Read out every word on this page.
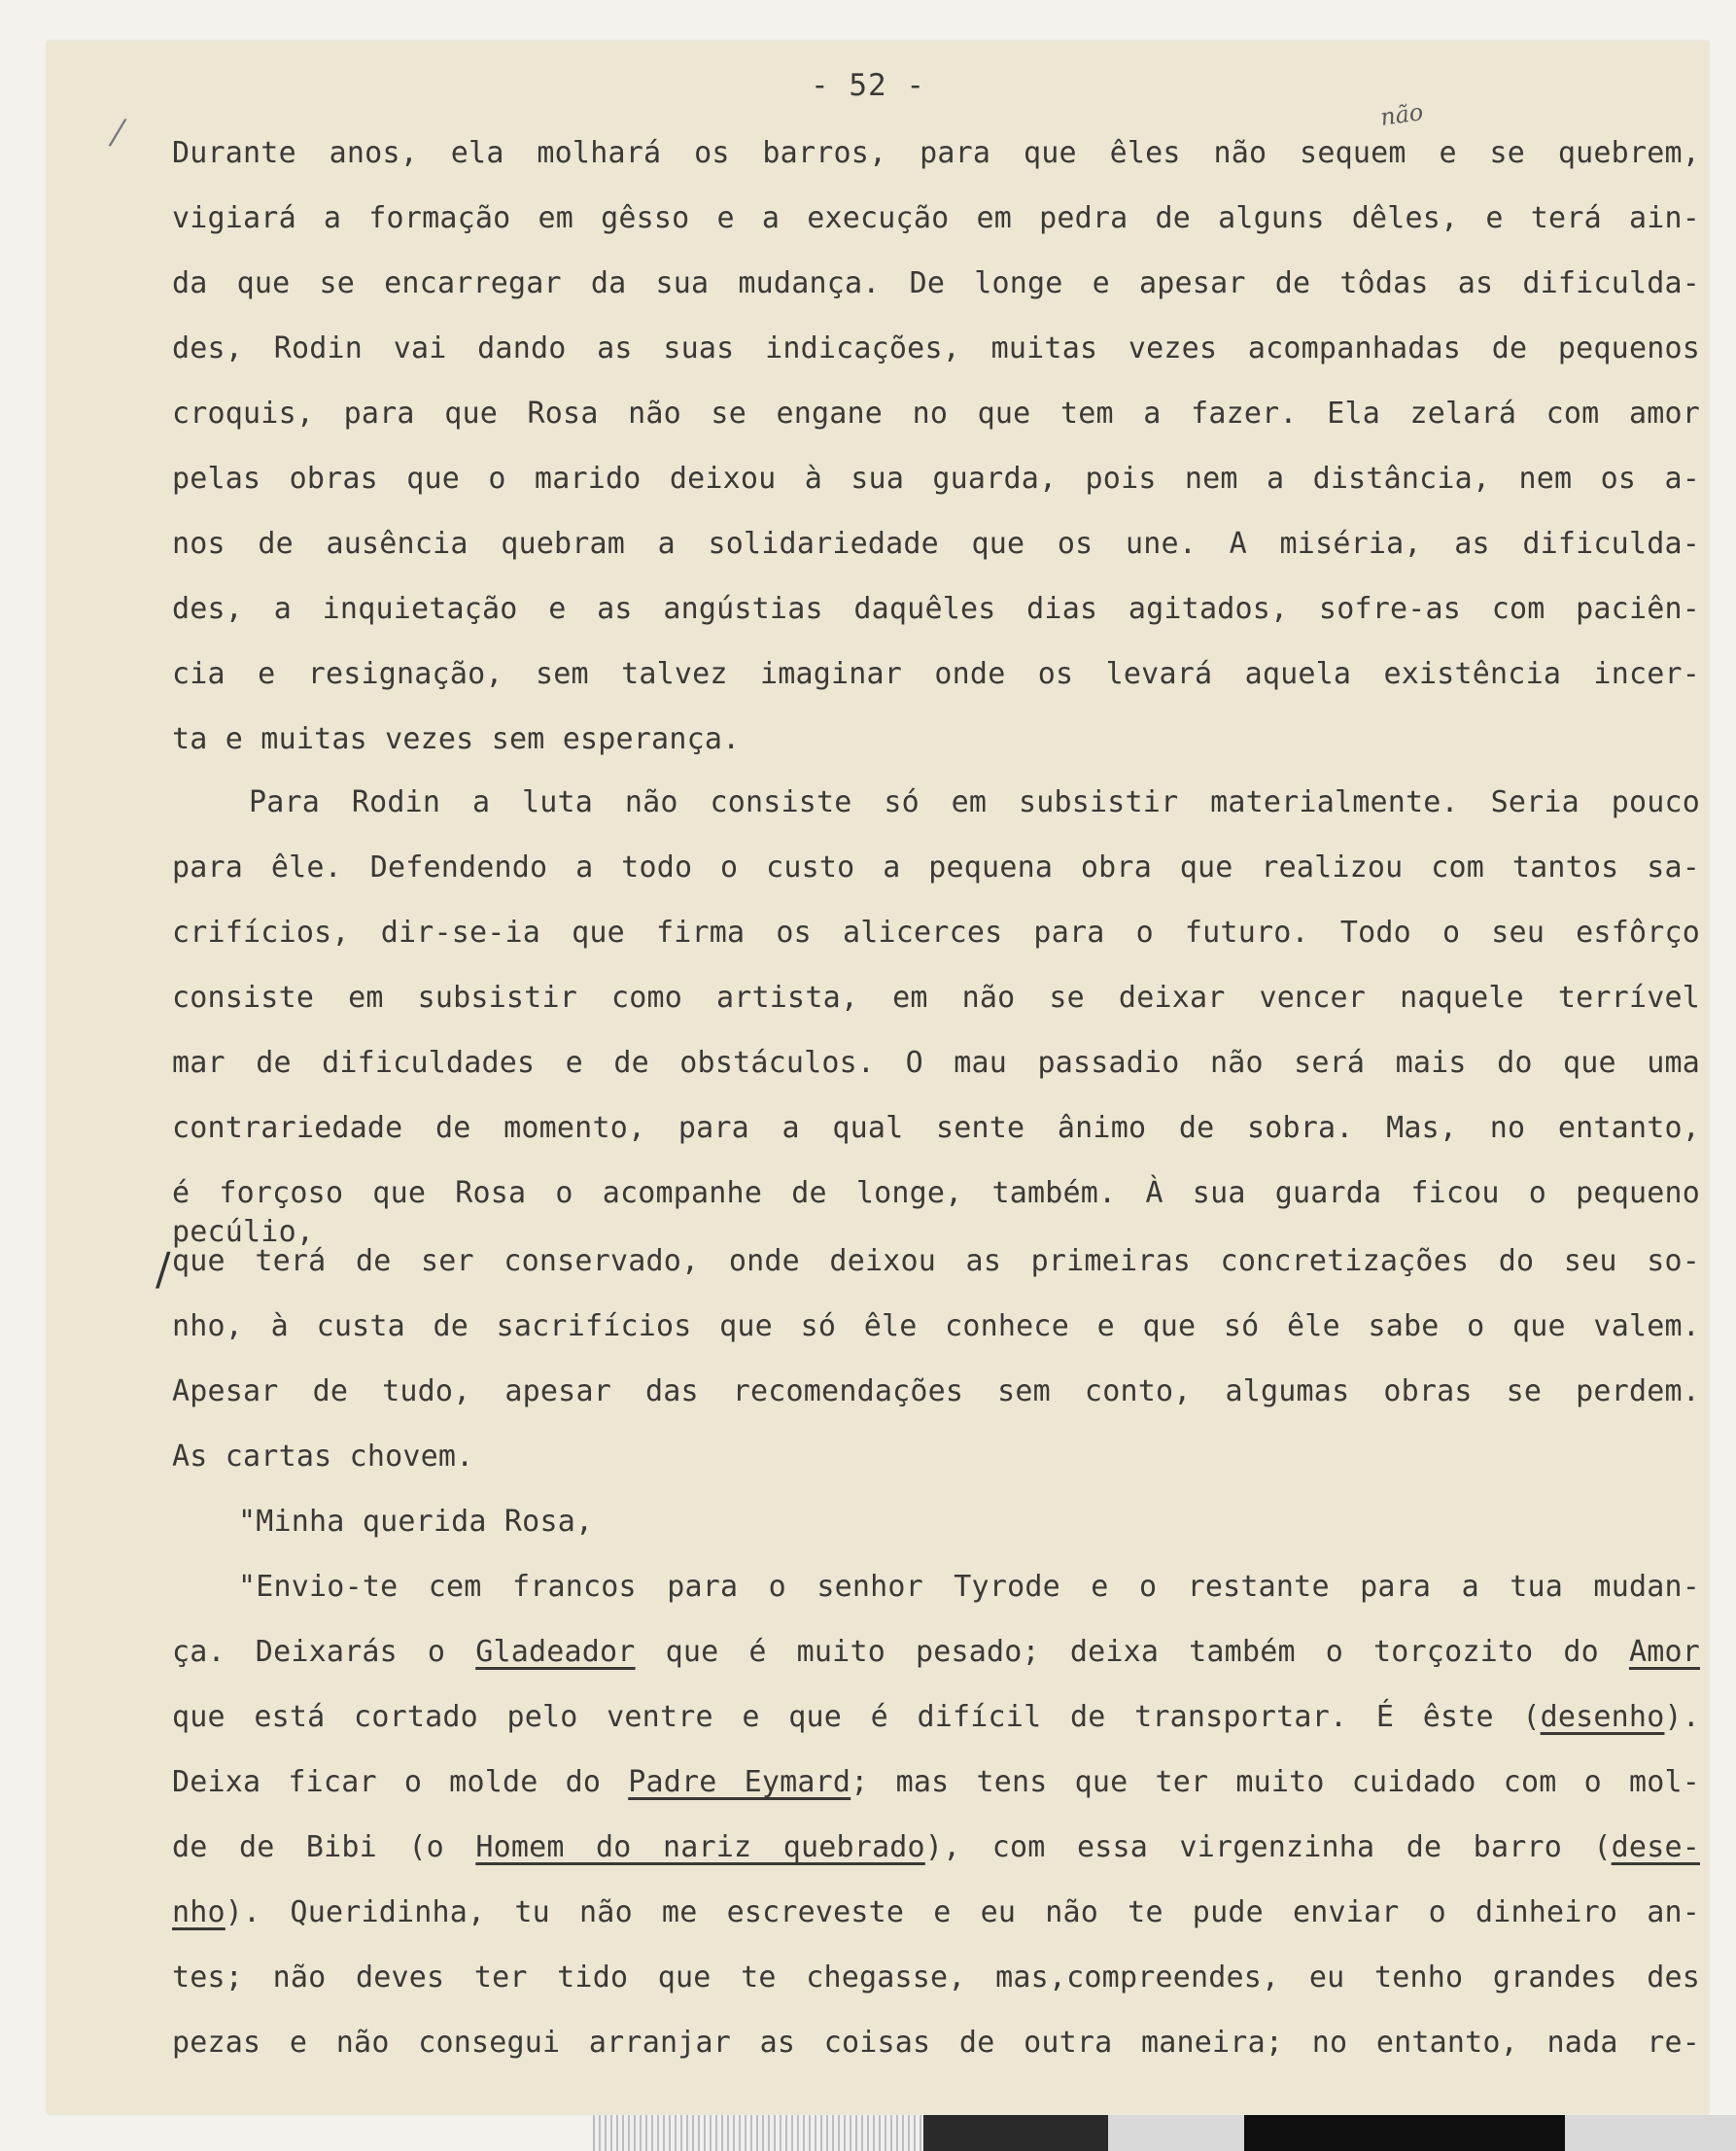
- 52 -
não
⁄
/
Durante anos, ela molhará os barros, para que êles não sequem e se quebrem,
vigiará a formação em gêsso e a execução em pedra de alguns dêles, e terá ain-
da que se encarregar da sua mudança. De longe e apesar de tôdas as dificulda-
des, Rodin vai dando as suas indicações, muitas vezes acompanhadas de pequenos
croquis, para que Rosa não se engane no que tem a fazer. Ela zelará com amor
pelas obras que o marido deixou à sua guarda, pois nem a distância, nem os a-
nos de ausência quebram a solidariedade que os une. A miséria, as dificulda-
des, a inquietação e as angústias daquêles dias agitados, sofre-as com paciên-
cia e resignação, sem talvez imaginar onde os levará aquela existência incer-
ta e muitas vezes sem esperança.
Para Rodin a luta não consiste só em subsistir materialmente. Seria pouco
para êle. Defendendo a todo o custo a pequena obra que realizou com tantos sa-
crifícios, dir-se-ia que firma os alicerces para o futuro. Todo o seu esfôrço
consiste em subsistir como artista, em não se deixar vencer naquele terrível
mar de dificuldades e de obstáculos. O mau passadio não será mais do que uma
contrariedade de momento, para a qual sente ânimo de sobra. Mas, no entanto,
é forçoso que Rosa o acompanhe de longe, também. À sua guarda ficou o pequeno
pecúlio,
que terá de ser conservado, onde deixou as primeiras concretizações do seu so-
nho, à custa de sacrifícios que só êle conhece e que só êle sabe o que valem.
Apesar de tudo, apesar das recomendações sem conto, algumas obras se perdem.
As cartas chovem.
"Minha querida Rosa,
"Envio-te cem francos para o senhor Tyrode e o restante para a tua mudan-
ça. Deixarás o Gladeador que é muito pesado; deixa também o torçozito do Amor
que está cortado pelo ventre e que é difícil de transportar. É êste (desenho).
Deixa ficar o molde do Padre Eymard; mas tens que ter muito cuidado com o mol-
de de Bibi (o Homem do nariz quebrado), com essa virgenzinha de barro (dese-
nho). Queridinha, tu não me escreveste e eu não te pude enviar o dinheiro an-
tes; não deves ter tido que te chegasse, mas,compreendes, eu tenho grandes des
pezas e não consegui arranjar as coisas de outra maneira; no entanto, nada re-
